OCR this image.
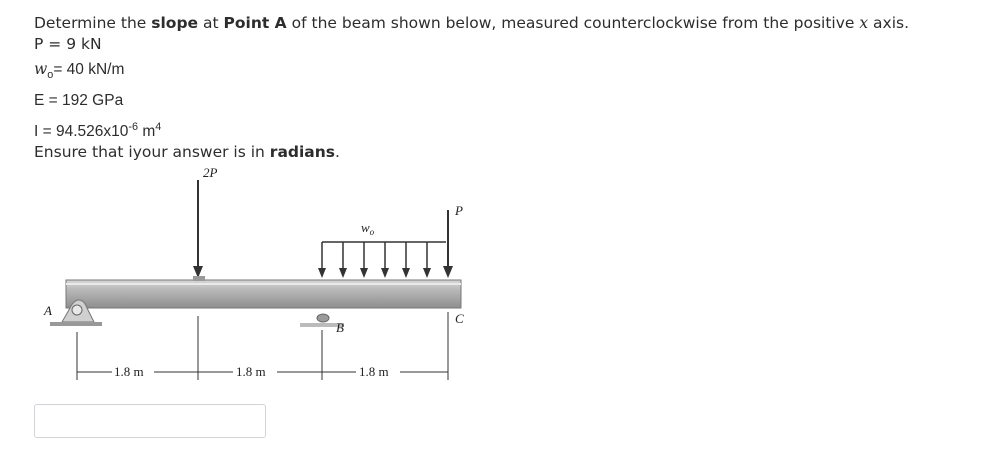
Determine the slope at Point A of the beam shown below, measured counterclockwise from the positive x axis.
P = 9 kN
$w_o= 40$ kN/m
E = 192 GPa
$I = 94.526x10^{-6}$ $m^4$
Ensure that iyour answer is in radians.
2P
$w_o$
P
A
B
C
1.8 m	1.8 m	1.8 m
